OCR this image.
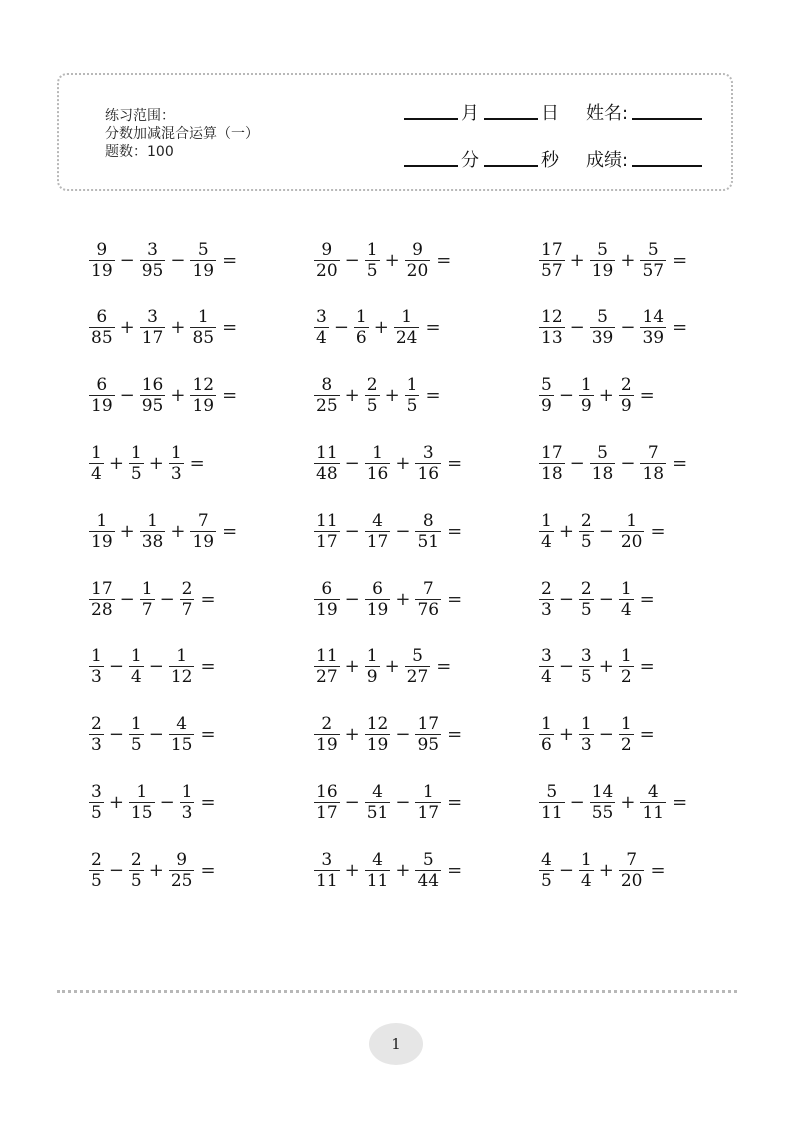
练习范围：
分数加减混合运算（一）
题数：100
月	日 姓名:
分	秒 成绩:
$\frac{9}{19} - \frac{3}{95} - \frac{5}{19}$ =	$\frac{9}{20} - \frac{1}{5} + \frac{9}{20}$ =	$\frac{17}{57} + \frac{5}{19} + \frac{5}{57}$ =
$\frac{6}{85} + \frac{3}{17} + \frac{1}{85}$ =	$\frac{3}{4} - \frac{1}{6} + \frac{1}{24}$ =	$\frac{12}{13} - \frac{5}{39} - \frac{14}{39}$ =
$\frac{6}{19} - \frac{16}{95} + \frac{12}{19}$ =	$\frac{8}{25} + \frac{2}{5} + \frac{1}{5}$ =	$\frac{5}{9} - \frac{1}{9} + \frac{2}{9}$ =
$\frac{1}{4} + \frac{1}{5} + \frac{1}{3}$ =	$\frac{11}{48} - \frac{1}{16} + \frac{3}{16}$ =	$\frac{17}{18} - \frac{5}{18} - \frac{7}{18}$ =
$\frac{1}{19} + \frac{1}{38} + \frac{7}{19}$ =	$\frac{11}{17} - \frac{4}{17} - \frac{8}{51}$ =	$\frac{1}{4} + \frac{2}{5} - \frac{1}{20}$ =
$\frac{17}{28} - \frac{1}{7} - \frac{2}{7}$ =	$\frac{6}{19} - \frac{6}{19} + \frac{7}{76}$ =	$\frac{2}{3} - \frac{2}{5} - \frac{1}{4}$ =
$\frac{1}{3} - \frac{1}{4} - \frac{1}{12}$ =	$\frac{11}{27} + \frac{1}{9} + \frac{5}{27}$ =	$\frac{3}{4} - \frac{3}{5} + \frac{1}{2}$ =
$\frac{2}{3} - \frac{1}{5} - \frac{4}{15}$ =	$\frac{2}{19} + \frac{12}{19} - \frac{17}{95}$ =	$\frac{1}{6} + \frac{1}{3} - \frac{1}{2}$ =
$\frac{3}{5} + \frac{1}{15} - \frac{1}{3}$ =	$\frac{16}{17} - \frac{4}{51} - \frac{1}{17}$ =	$\frac{5}{11} - \frac{14}{55} + \frac{4}{11}$ =
$\frac{2}{5} - \frac{2}{5} + \frac{9}{25}$ =	$\frac{3}{11} + \frac{4}{11} + \frac{5}{44}$ =	$\frac{4}{5} - \frac{1}{4} + \frac{7}{20}$ =
1
